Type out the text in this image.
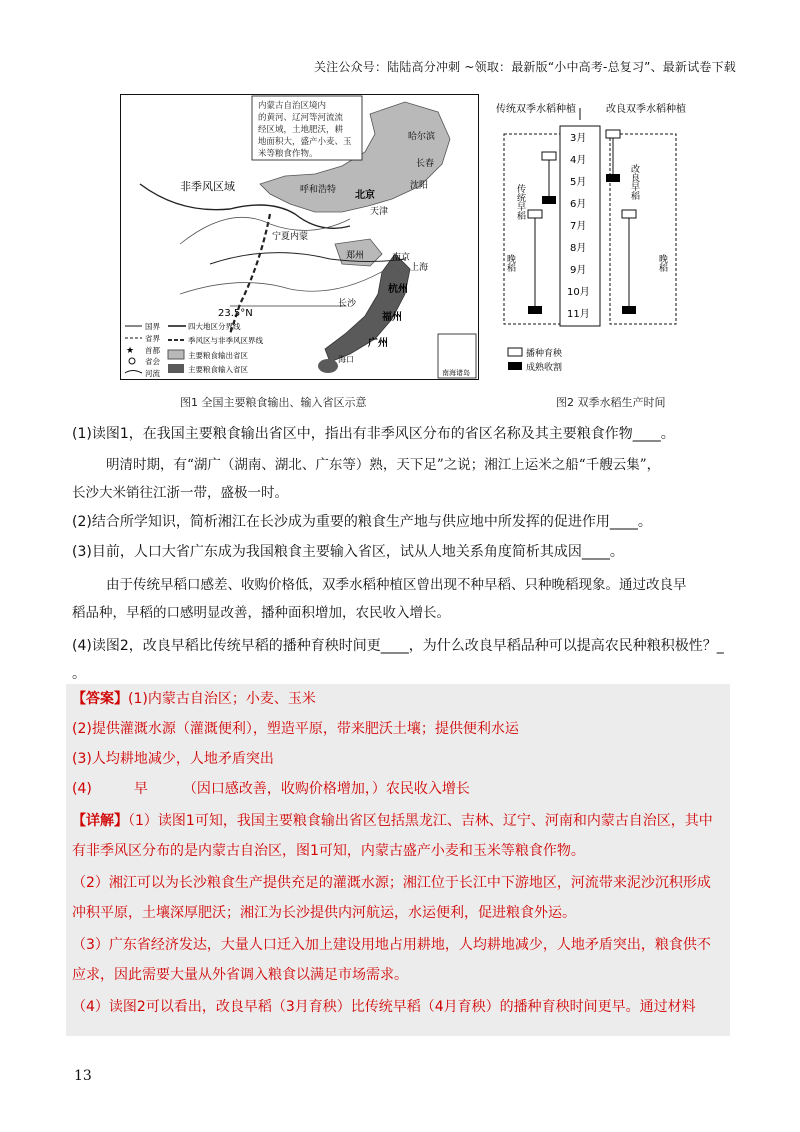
关注公众号：陆陆高分冲刺 ~领取：最新版“小中高考-总复习”、最新试卷下载
内蒙古自治区境内
的黄河、辽河等河流流
经区域，土地肥沃，耕
地面积大，盛产小麦、玉
米等粮食作物。
非季风区域
哈尔滨
长春
沈阳
呼和浩特 北京
天津
郑州
宁夏内蒙
南京
上海
杭州
长沙
福州
广州
海口
23.5°N
国界
省界
★ 首都
省会
河流
四大地区分界线
季风区与非季风区界线
主要粮食输出省区
主要粮食输入省区	南海诸岛
图1 全国主要粮食输出、输入省区示意
传统双季水稻种植	改良双季水稻种植
3月
4月
5月
6月
7月
8月
9月
10月
11月
传统早稻
晚稻
改良早稻
晚稻
播种育秧
成熟收割
图2 双季水稻生产时间
(1)读图1，在我国主要粮食输出省区中，指出有非季风区分布的省区名称及其主要粮食作物____。
明清时期，有“湖广（湖南、湖北、广东等）熟，天下足”之说；湘江上运米之船“千艘云集”，
长沙大米销往江浙一带，盛极一时。
(2)结合所学知识，简析湘江在长沙成为重要的粮食生产地与供应地中所发挥的促进作用____。
(3)目前，人口大省广东成为我国粮食主要输入省区，试从人地关系角度简析其成因____。
由于传统早稻口感差、收购价格低，双季水稻种植区曾出现不种早稻、只种晚稻现象。通过改良早
稻品种，早稻的口感明显改善，播种面积增加，农民收入增长。
(4)读图2，改良早稻比传统早稻的播种育秧时间更____，为什么改良早稻品种可以提高农民种粮积极性？_
。
【答案】(1)内蒙古自治区；小麦、玉米
(2)提供灌溉水源（灌溉便利），塑造平原，带来肥沃土壤；提供便利水运
(3)人均耕地减少，人地矛盾突出
(4)　　　早　　　（因口感改善，收购价格增加，）农民收入增长
【详解】（1）读图1可知，我国主要粮食输出省区包括黑龙江、吉林、辽宁、河南和内蒙古自治区，其中
有非季风区分布的是内蒙古自治区，图1可知，内蒙古盛产小麦和玉米等粮食作物。
（2）湘江可以为长沙粮食生产提供充足的灌溉水源；湘江位于长江中下游地区，河流带来泥沙沉积形成
冲积平原，土壤深厚肥沃；湘江为长沙提供内河航运，水运便利，促进粮食外运。
（3）广东省经济发达，大量人口迁入加上建设用地占用耕地，人均耕地减少，人地矛盾突出，粮食供不
应求，因此需要大量从外省调入粮食以满足市场需求。
（4）读图2可以看出，改良早稻（3月育秧）比传统早稻（4月育秧）的播种育秧时间更早。通过材料
13
